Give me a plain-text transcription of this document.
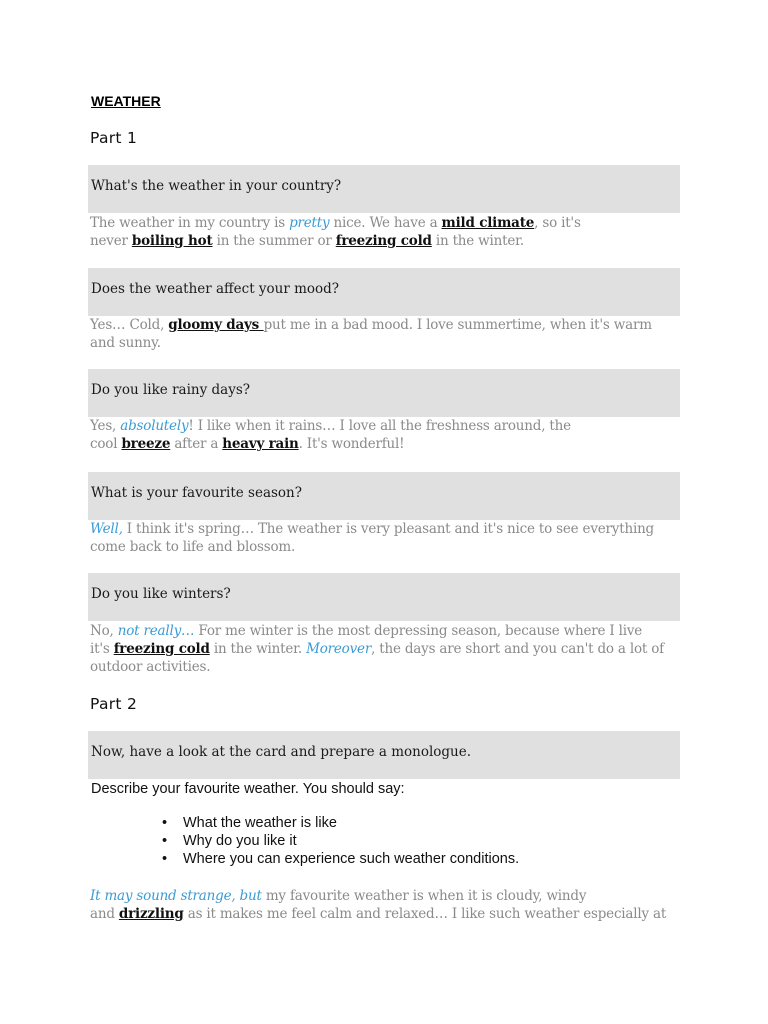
WEATHER
Part 1
What's the weather in your country?
The weather in my country is pretty nice. We have a mild climate, so it's
never boiling hot in the summer or freezing cold in the winter.
Does the weather affect your mood?
Yes… Cold, gloomy days put me in a bad mood. I love summertime, when it's warm
and sunny.
Do you like rainy days?
Yes, absolutely! I like when it rains… I love all the freshness around, the
cool breeze after a heavy rain. It's wonderful!
What is your favourite season?
Well, I think it's spring… The weather is very pleasant and it's nice to see everything
come back to life and blossom.
Do you like winters?
No, not really… For me winter is the most depressing season, because where I live
it's freezing cold in the winter. Moreover, the days are short and you can't do a lot of
outdoor activities.
Part 2
Now, have a look at the card and prepare a monologue.
Describe your favourite weather. You should say:
• What the weather is like
• Why do you like it
• Where you can experience such weather conditions.
It may sound strange, but my favourite weather is when it is cloudy, windy
and drizzling as it makes me feel calm and relaxed… I like such weather especially at
